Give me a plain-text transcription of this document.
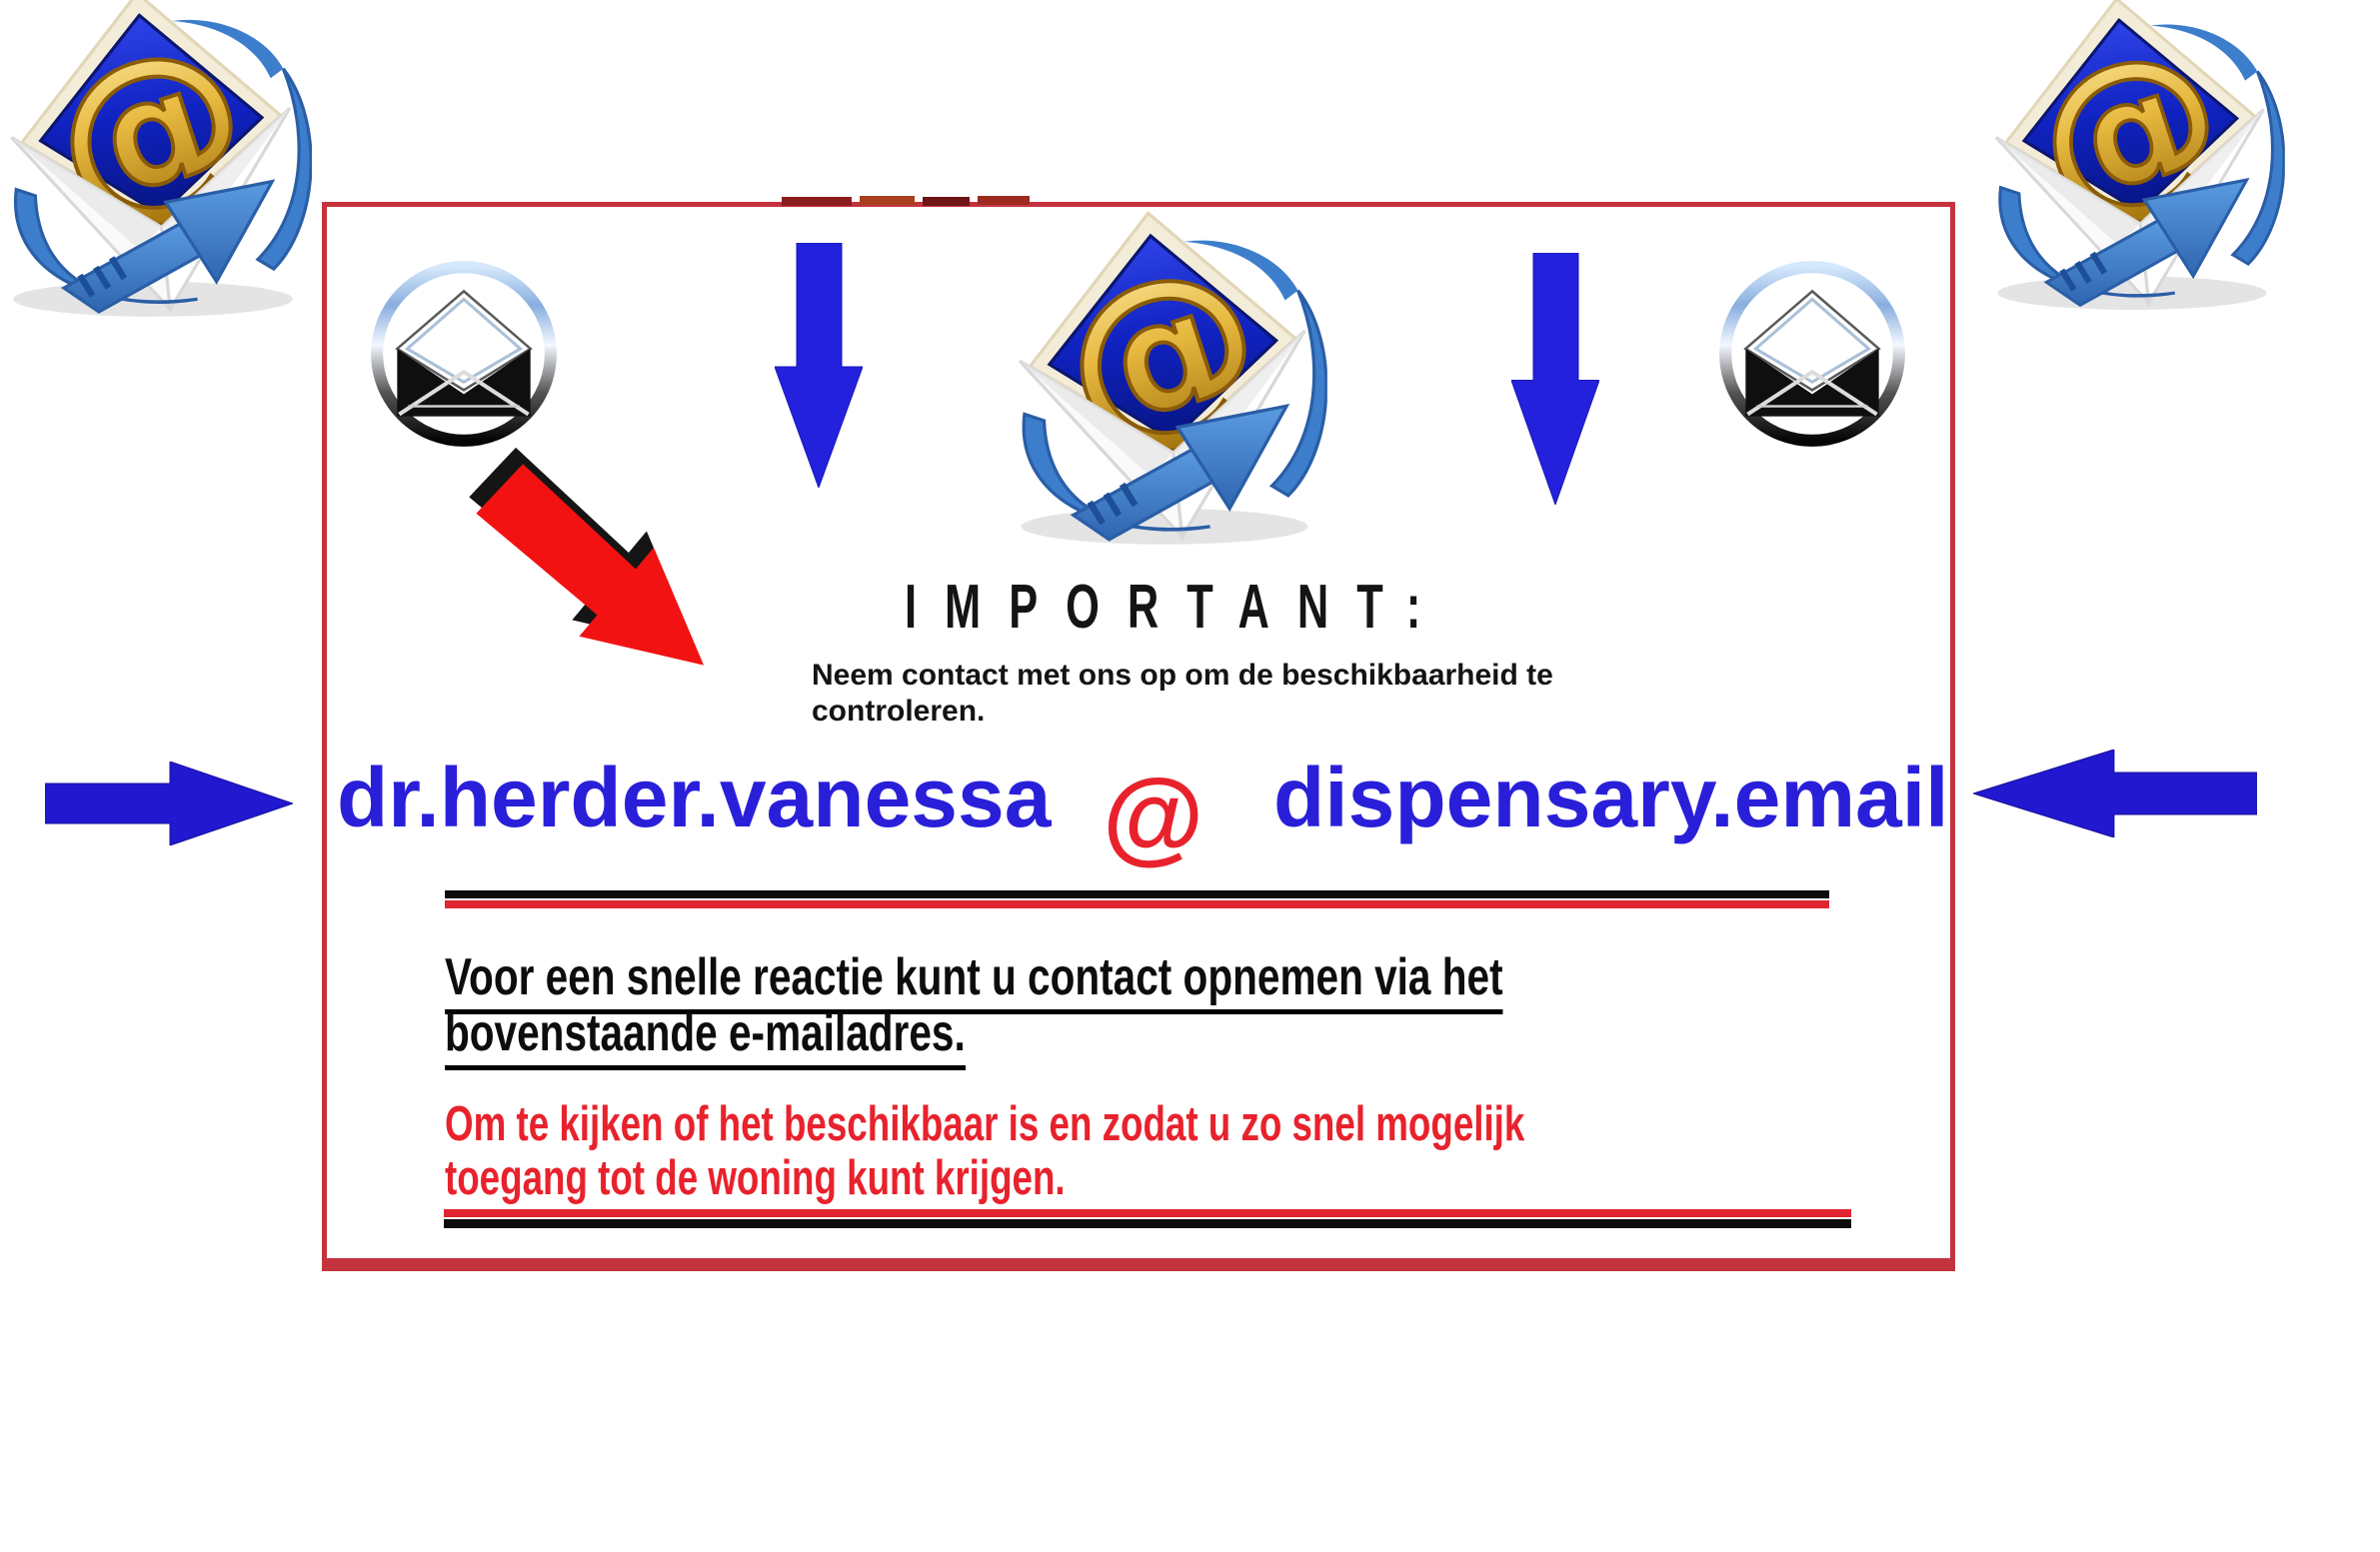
IMPORTANT:
Neem contact met ons op om de beschikbaarheid te
controleren.
dr.herder.vanessa @ dispensary.email
Voor een snelle reactie kunt u contact opnemen via het
bovenstaande e-mailadres.
Om te kijken of het beschikbaar is en zodat u zo snel mogelijk
toegang tot de woning kunt krijgen.
